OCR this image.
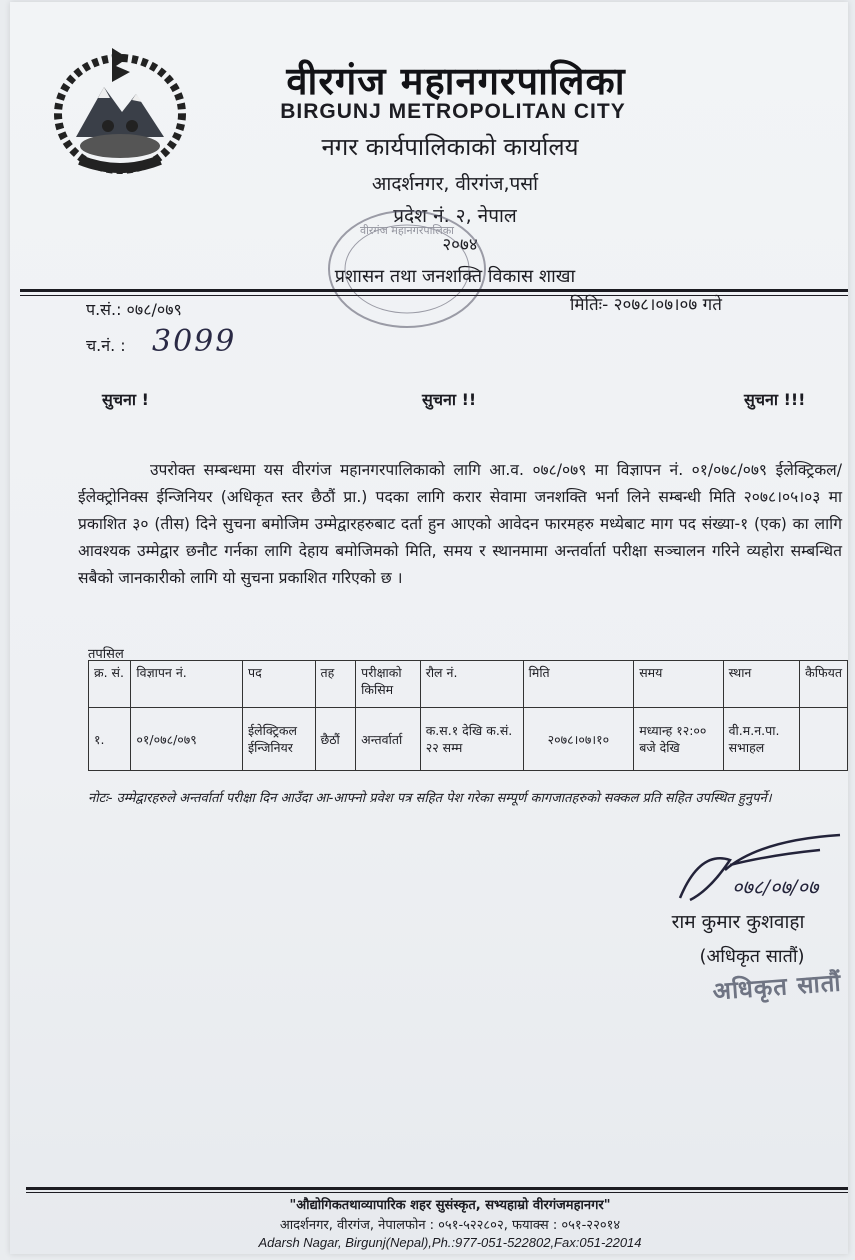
वीरगंज महानगरपालिका
BIRGUNJ METROPOLITAN CITY
नगर कार्यपालिकाको कार्यालय
आदर्शनगर, वीरगंज,पर्सा
प्रदेश नं. २, नेपाल
२०७४
प्रशासन तथा जनशक्ति विकास शाखा
वीरगंज महानगरपालिका
प.सं.: ०७८/०७९	मितिः- २०७८।०७।०७ गते
च.नं. : 3099
सुचना !	सुचना !!	सुचना !!!

उपरोक्त सम्बन्धमा यस वीरगंज महानगरपालिकाको लागि आ.व. ०७८/०७९ मा विज्ञापन नं. ०१/०७८/०७९ ईलेक्ट्रिकल/ईलेक्ट्रोनिक्स ईन्जिनियर (अधिकृत स्तर छैठौं प्रा.) पदका लागि करार सेवामा जनशक्ति भर्ना लिने सम्बन्धी मिति २०७८।०५।०३ मा प्रकाशित ३० (तीस) दिने सुचना बमोजिम उम्मेद्वारहरुबाट दर्ता हुन आएको आवेदन फारमहरु मध्येबाट माग पद संख्या-१ (एक) का लागि आवश्यक उम्मेद्वार छनौट गर्नका लागि देहाय बमोजिमको मिति, समय र स्थानमामा अन्तर्वार्ता परीक्षा सञ्चालन गरिने व्यहोरा सम्बन्धित सबैको जानकारीको लागि यो सुचना प्रकाशित गरिएको छ ।

तपसिल
क्र. सं.	विज्ञापन नं.	पद	तह	परीक्षाको किसिम	रौल नं.	मिति	समय	स्थान	कैफियत
१.	०१/०७८/०७९	ईलेक्ट्रिकल ईन्जिनियर	छैठौं	अन्तर्वार्ता	क.स.१ देखि क.सं. २२ सम्म	२०७८।०७।१०	मध्यान्ह १२:०० बजे देखि	वी.म.न.पा. सभाहल	
नोटः- उम्मेद्वारहरुले अन्तर्वार्ता परीक्षा दिन आउँदा आ-आफ्नो प्रवेश पत्र सहित पेश गरेका सम्पूर्ण कागजातहरुको सक्कल प्रति सहित उपस्थित हुनुपर्ने।
०७८/०७/०७
राम कुमार कुशवाहा
(अधिकृत सातौं)
अधिकृत सातौं
"औद्योगिकतथाव्यापारिक शहर सुसंस्कृत, सभ्यहाम्रो वीरगंजमहानगर"
आदर्शनगर, वीरगंज, नेपालफोन : ०५१-५२२८०२, फयाक्स : ०५१-२२०१४
Adarsh Nagar, Birgunj(Nepal),Ph.:977-051-522802,Fax:051-22014
